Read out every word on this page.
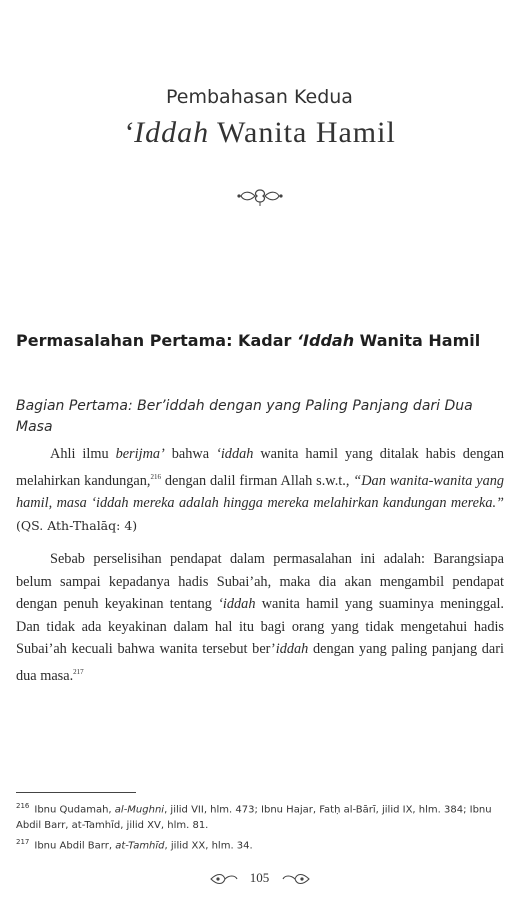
Pembahasan Kedua
‘Iddah Wanita Hamil
Permasalahan Pertama: Kadar ‘Iddah Wanita Hamil
Bagian Pertama: Ber’iddah dengan yang Paling Panjang dari Dua Masa

Ahli ilmu berijma’ bahwa ‘iddah wanita hamil yang ditalak habis dengan melahirkan kandungan,$^{216}$ dengan dalil firman Allah s.w.t., “Dan wanita-wanita yang hamil, masa ‘iddah mereka adalah hingga mereka melahirkan kandungan mereka.” (QS. Ath-Thalāq: 4)

Sebab perselisihan pendapat dalam permasalahan ini adalah: Barangsiapa belum sampai kepadanya hadis Subai’ah, maka dia akan mengambil pendapat dengan penuh keyakinan tentang ‘iddah wanita hamil yang suaminya meninggal. Dan tidak ada keyakinan dalam hal itu bagi orang yang tidak mengetahui hadis Subai’ah kecuali bahwa wanita tersebut ber’iddah dengan yang paling panjang dari dua masa.$^{217}$

$^{216}$ Ibnu Qudamah, al-Mughni, jilid VII, hlm. 473; Ibnu Hajar, Fatḥ al-Bārī, jilid IX, hlm. 384; Ibnu Abdil Barr, at-Tamhīd, jilid XV, hlm. 81.
$^{217}$ Ibnu Abdil Barr, at-Tamhīd, jilid XX, hlm. 34.
105
